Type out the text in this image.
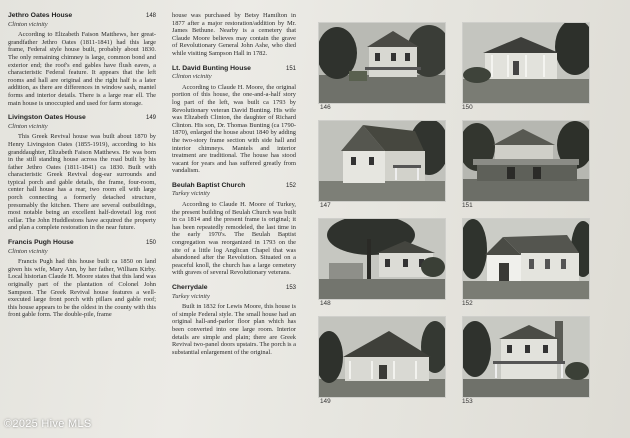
Jethro Oates House	148
Clinton vicinity
According to Elizabeth Faison Matthews, her great-grandfather Jethro Oates (1811-1841) had this large frame, Federal style house built, probably about 1830. The only remaining chimney is large, common bond and exterior end; the roof's end gables have flush eaves, a characteristic Federal feature. It appears that the left rooms and hall are original and the right half is a later addition, as there are differences in window sash, mantel forms and interior details. There is a large rear ell. The main house is unoccupied and used for farm storage.
Livingston Oates House	149
Clinton vicinity
This Greek Revival house was built about 1870 by Henry Livingston Oates (1855-1919), according to his granddaughter, Elizabeth Faison Matthews. He was born in the still standing house across the road built by his father Jethro Oates (1811-1841) ca 1830. Built with characteristic Greek Revival dog-ear surrounds and typical porch and gable details, the frame, four-room, center hall house has a rear, two room ell with large porch connecting a formerly detached structure, presumably the kitchen. There are several outbuildings, most notable being an excellent half-dovetail log root cellar. The John Huddlestons have acquired the property and plan a complete restoration in the near future.
Francis Pugh House	150
Clinton vicinity
Francis Pugh had this house built ca 1850 on land given his wife, Mary Ann, by her father, William Kirby. Local historian Claude H. Moore states that this land was originally part of the plantation of Colonel John Sampson. The Greek Revival house features a well-executed large front porch with pillars and gable roof; this house appears to be the oldest in the county with this front gable form. The double-pile, frame
house was purchased by Betsy Hamilton in 1877 after a major restoration/addition by Mr. James Bethune. Nearby is a cemetery that Claude Moore believes may contain the grave of Revolutionary General John Ashe, who died while visiting Sampson Hall in 1782.
Lt. David Bunting House	151
Clinton vicinity
According to Claude H. Moore, the original portion of this house, the one-and-a-half story log part of the left, was built ca 1793 by Revolutionary veteran David Bunting. His wife was Elizabeth Clinton, the daughter of Richard Clinton. His son, Dr. Thomas Bunting (ca 1790-1870), enlarged the house about 1840 by adding the two-story frame section with side hall and interior chimneys. Mantels and interior treatment are traditional. The house has stood vacant for years and has suffered greatly from vandalism.
Beulah Baptist Church	152
Turkey vicinity
According to Claude H. Moore of Turkey, the present building of Beulah Church was built in ca 1814 and the present frame is original; it has been repeatedly remodeled, the last time in the early 1970's. The Beulah Baptist congregation was reorganized in 1793 on the site of a little log Anglican Chapel that was abandoned after the Revolution. Situated on a peaceful knoll, the church has a large cemetery with graves of several Revolutionary veterans.
Cherrydale	153
Turkey vicinity
Built in 1832 for Lewis Moore, this house is of simple Federal style. The small house had an original hall-and-parlor floor plan which has been converted into one large room. Interior details are simple and plain; there are Greek Revival two-panel doors upstairs. The porch is a substantial enlargement of the original.
146	150
147	151
148	152
149	153
©2025 Hive MLS
